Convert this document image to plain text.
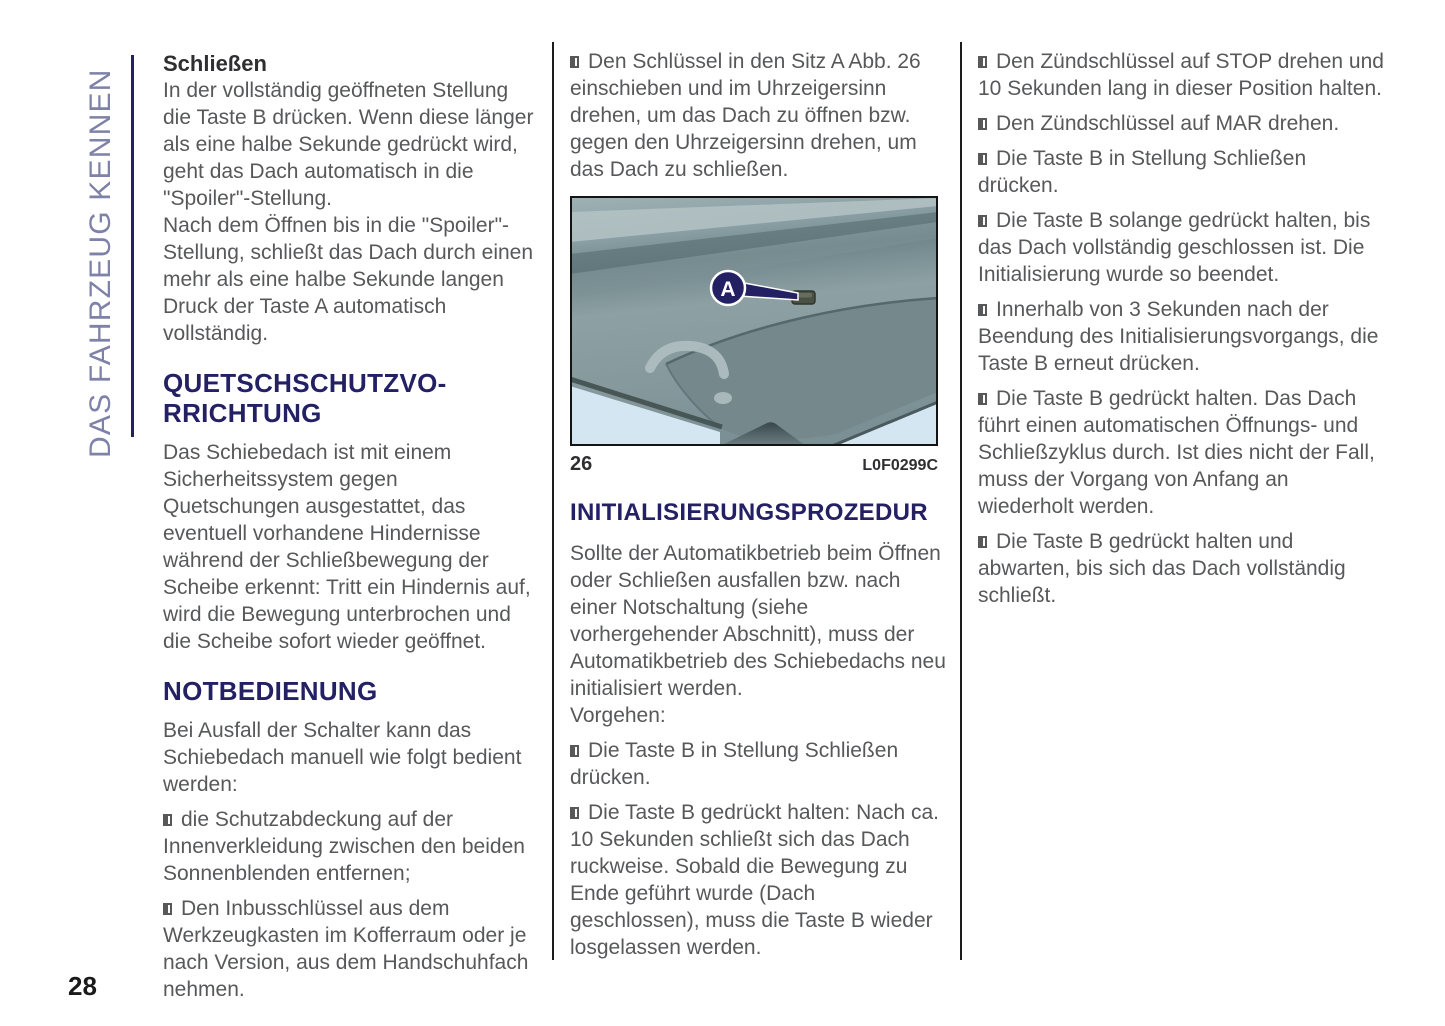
DAS FAHRZEUG KENNEN
Schließen

In der vollständig geöffneten Stellung die Taste B drücken. Wenn diese länger als eine halbe Sekunde gedrückt wird, geht das Dach automatisch in die "Spoiler"-Stellung.

Nach dem Öffnen bis in die "Spoiler"-Stellung, schließt das Dach durch einen mehr als eine halbe Sekunde langen Druck der Taste A automatisch vollständig.

QUETSCHSCHUTZVO-RRICHTUNG

Das Schiebedach ist mit einem Sicherheitssystem gegen Quetschungen ausgestattet, das eventuell vorhandene Hindernisse während der Schließbewegung der Scheibe erkennt: Tritt ein Hindernis auf, wird die Bewegung unterbrochen und die Scheibe sofort wieder geöffnet.

NOTBEDIENUNG

Bei Ausfall der Schalter kann das Schiebedach manuell wie folgt bedient werden:

die Schutzabdeckung auf der Innenverkleidung zwischen den beiden Sonnenblenden entfernen;

Den Inbusschlüssel aus dem Werkzeugkasten im Kofferraum oder je nach Version, aus dem Handschuhfach nehmen.

Den Schlüssel in den Sitz A Abb. 26 einschieben und im Uhrzeigersinn drehen, um das Dach zu öffnen bzw. gegen den Uhrzeigersinn drehen, um das Dach zu schließen.

A
26	L0F0299C
INITIALISIERUNGSPROZEDUR

Sollte der Automatikbetrieb beim Öffnen oder Schließen ausfallen bzw. nach einer Notschaltung (siehe vorhergehender Abschnitt), muss der Automatikbetrieb des Schiebedachs neu initialisiert werden.

Vorgehen:

Die Taste B in Stellung Schließen drücken.

Die Taste B gedrückt halten: Nach ca. 10 Sekunden schließt sich das Dach ruckweise. Sobald die Bewegung zu Ende geführt wurde (Dach geschlossen), muss die Taste B wieder losgelassen werden.

Den Zündschlüssel auf STOP drehen und 10 Sekunden lang in dieser Position halten.

Den Zündschlüssel auf MAR drehen.

Die Taste B in Stellung Schließen drücken.

Die Taste B solange gedrückt halten, bis das Dach vollständig geschlossen ist. Die Initialisierung wurde so beendet.

Innerhalb von 3 Sekunden nach der Beendung des Initialisierungsvorgangs, die Taste B erneut drücken.

Die Taste B gedrückt halten. Das Dach führt einen automatischen Öffnungs- und Schließzyklus durch. Ist dies nicht der Fall, muss der Vorgang von Anfang an wiederholt werden.

Die Taste B gedrückt halten und abwarten, bis sich das Dach vollständig schließt.

28
